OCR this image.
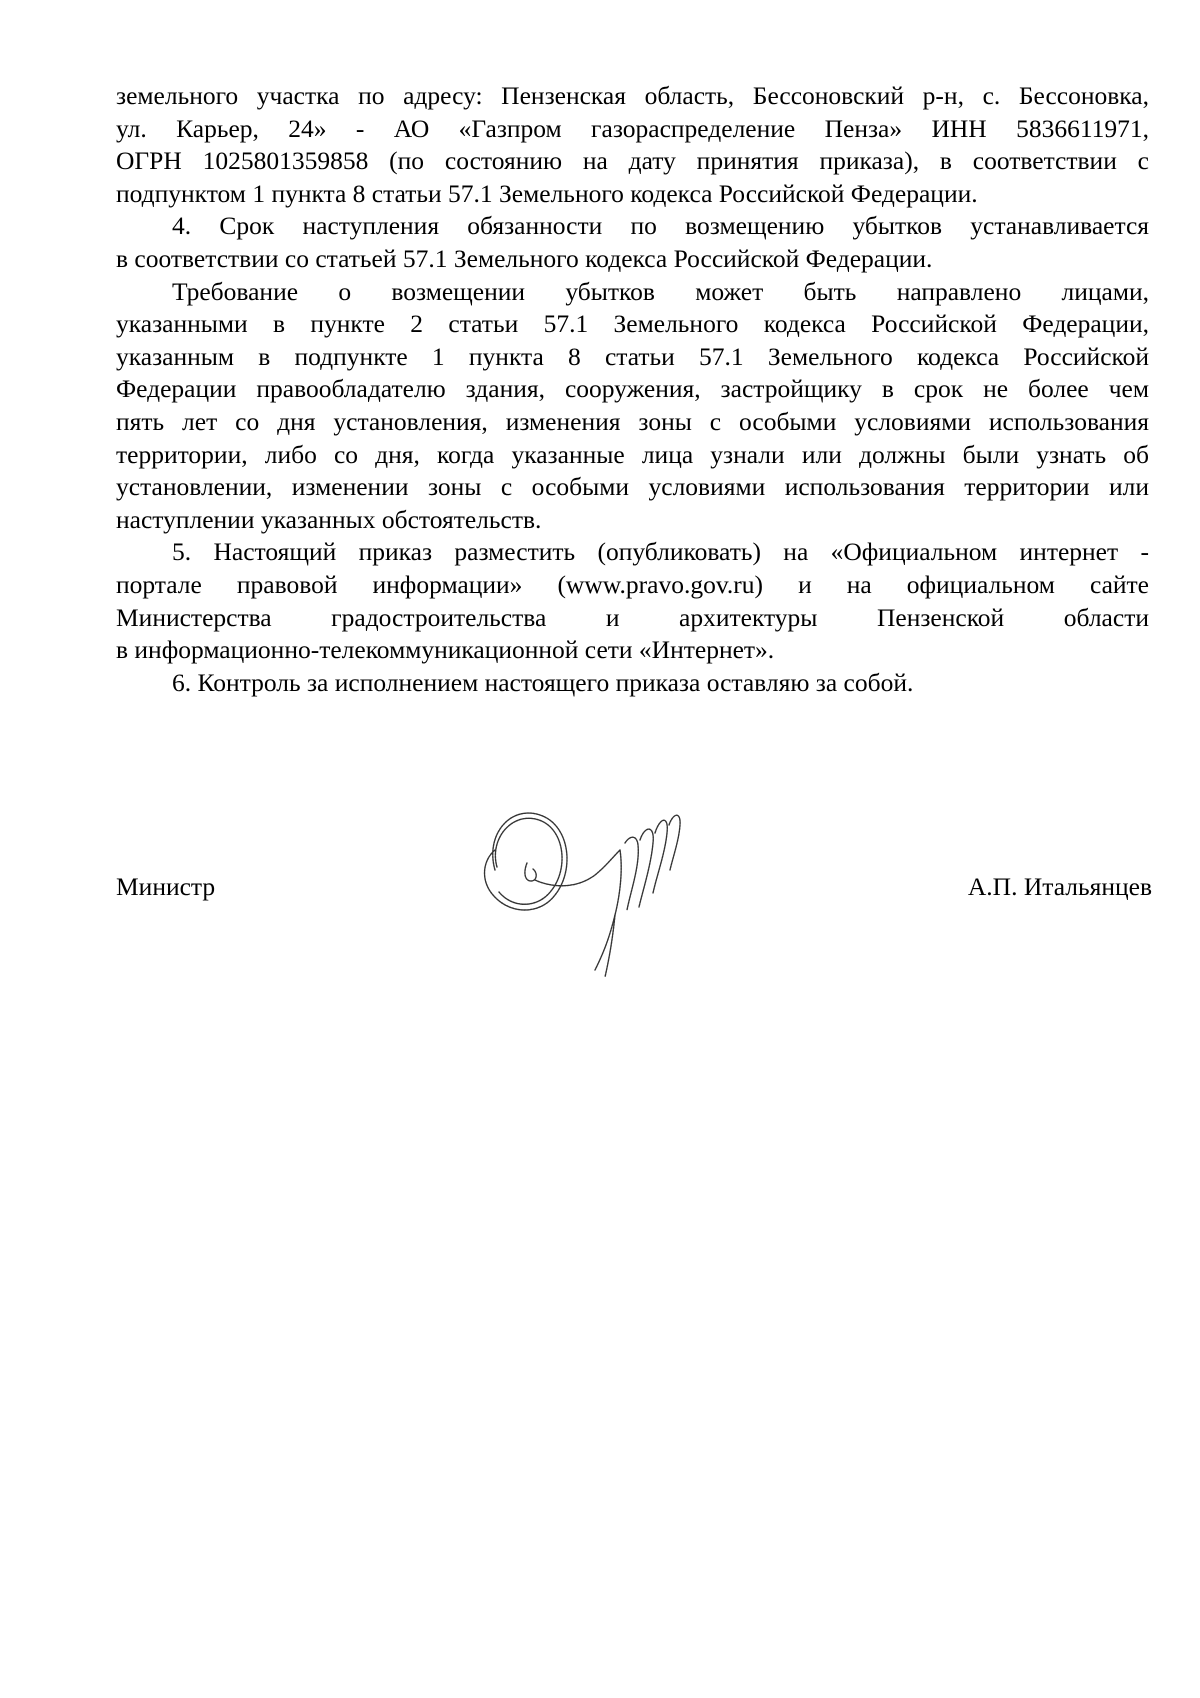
земельного участка по адресу: Пензенская область, Бессоновский р-н, с. Бессоновка,
ул. Карьер, 24» - АО «Газпром газораспределение Пенза» ИНН 5836611971,
ОГРН 1025801359858 (по состоянию на дату принятия приказа), в соответствии с
подпунктом 1 пункта 8 статьи 57.1 Земельного кодекса Российской Федерации.

4. Срок наступления обязанности по возмещению убытков устанавливается
в соответствии со статьей 57.1 Земельного кодекса Российской Федерации.

Требование о возмещении убытков может быть направлено лицами,
указанными в пункте 2 статьи 57.1 Земельного кодекса Российской Федерации,
указанным в подпункте 1 пункта 8 статьи 57.1 Земельного кодекса Российской
Федерации правообладателю здания, сооружения, застройщику в срок не более чем
пять лет со дня установления, изменения зоны с особыми условиями использования
территории, либо со дня, когда указанные лица узнали или должны были узнать об
установлении, изменении зоны с особыми условиями использования территории или
наступлении указанных обстоятельств.

5. Настоящий приказ разместить (опубликовать) на «Официальном интернет -
портале правовой информации» (www.pravo.gov.ru) и на официальном сайте
Министерства градостроительства и архитектуры Пензенской области
в информационно-телекоммуникационной сети «Интернет».

6. Контроль за исполнением настоящего приказа оставляю за собой.

Министр	А.П. Итальянцев
